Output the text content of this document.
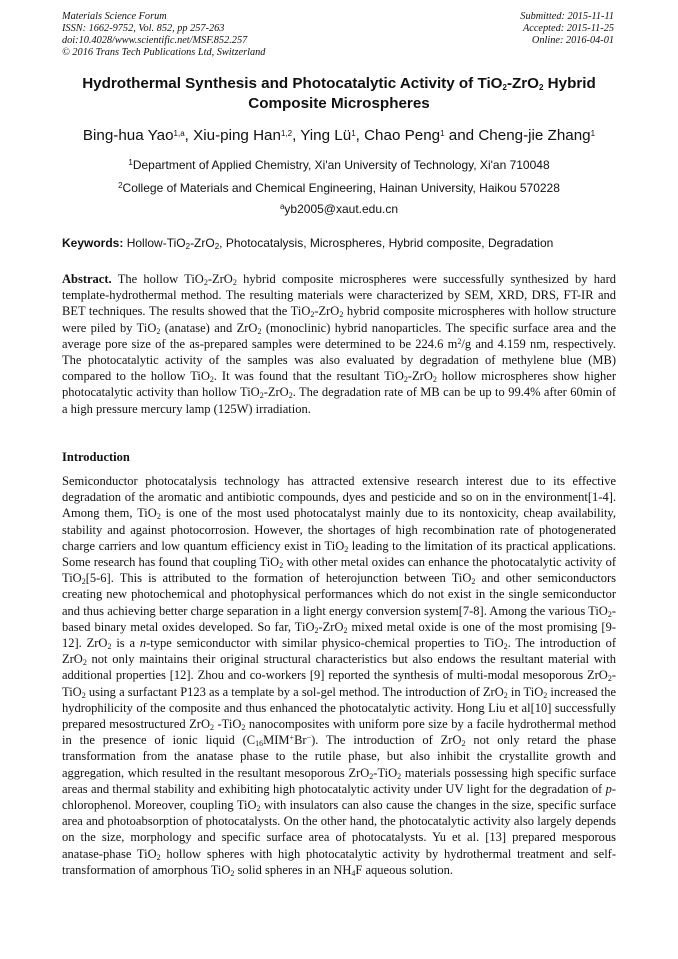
Materials Science Forum
ISSN: 1662-9752, Vol. 852, pp 257-263
doi:10.4028/www.scientific.net/MSF.852.257
© 2016 Trans Tech Publications Ltd, Switzerland
Submitted: 2015-11-11
Accepted: 2015-11-25
Online: 2016-04-01
Hydrothermal Synthesis and Photocatalytic Activity of TiO$_2$-ZrO$_2$ Hybrid Composite Microspheres
Bing-hua Yao$^{1,a}$, Xiu-ping Han$^{1,2}$, Ying $Lü^1$, Chao Peng$^1$ and Cheng-jie Zhang$^1$
$^1$Department of Applied Chemistry, Xi'an University of Technology, Xi'an 710048
$^2$College of Materials and Chemical Engineering, Hainan University, Haikou 570228
$^a$yb2005@xaut.edu.cn
Keywords: Hollow-TiO$_2$-ZrO$_2$, Photocatalysis, Microspheres, Hybrid composite, Degradation

Abstract. The hollow TiO$_2$-ZrO$_2$ hybrid composite microspheres were successfully synthesized by hard template-hydrothermal method. The resulting materials were characterized by SEM, XRD, DRS, FT-IR and BET techniques. The results showed that the TiO$_2$-ZrO$_2$ hybrid composite microspheres with hollow structure were piled by TiO$_2$ (anatase) and ZrO$_2$ (monoclinic) hybrid nanoparticles. The specific surface area and the average pore size of the as-prepared samples were determined to be 224.6 $m^2/g$ and 4.159 nm, respectively. The photocatalytic activity of the samples was also evaluated by degradation of methylene blue (MB) compared to the hollow TiO$_2$. It was found that the resultant TiO$_2$-ZrO$_2$ hollow microspheres show higher photocatalytic activity than hollow TiO$_2$-ZrO$_2$. The degradation rate of MB can be up to 99.4% after 60min of a high pressure mercury lamp (125W) irradiation.

Introduction

Semiconductor photocatalysis technology has attracted extensive research interest due to its effective degradation of the aromatic and antibiotic compounds, dyes and pesticide and so on in the environment[1-4]. Among them, TiO$_2$ is one of the most used photocatalyst mainly due to its nontoxicity, cheap availability, stability and against photocorrosion. However, the shortages of high recombination rate of photogenerated charge carriers and low quantum efficiency exist in TiO$_2$ leading to the limitation of its practical applications. Some research has found that coupling TiO$_2$ with other metal oxides can enhance the photocatalytic activity of TiO$_2$[5-6]. This is attributed to the formation of heterojunction between TiO$_2$ and other semiconductors creating new photochemical and photophysical performances which do not exist in the single semiconductor and thus achieving better charge separation in a light energy conversion system[7-8]. Among the various TiO$_2$-based binary metal oxides developed. So far, TiO$_2$-ZrO$_2$ mixed metal oxide is one of the most promising [9-12]. ZrO$_2$ is a n-type semiconductor with similar physico-chemical properties to TiO$_2$. The introduction of ZrO$_2$ not only maintains their original structural characteristics but also endows the resultant material with additional properties [12]. Zhou and co-workers [9] reported the synthesis of multi-modal mesoporous ZrO$_2$-TiO$_2$ using a surfactant P123 as a template by a sol-gel method. The introduction of ZrO$_2$ in TiO$_2$ increased the hydrophilicity of the composite and thus enhanced the photocatalytic activity. Hong Liu et al[10] successfully prepared mesostructured ZrO$_2$ -TiO$_2$ nanocomposites with uniform pore size by a facile hydrothermal method in the presence of ionic liquid $(C_{16}MIM^+Br^-)$. The introduction of ZrO$_2$ not only retard the phase transformation from the anatase phase to the rutile phase, but also inhibit the crystallite growth and aggregation, which resulted in the resultant mesoporous ZrO$_2$-TiO$_2$ materials possessing high specific surface areas and thermal stability and exhibiting high photocatalytic activity under UV light for the degradation of p-chlorophenol. Moreover, coupling TiO$_2$ with insulators can also cause the changes in the size, specific surface area and photoabsorption of photocatalysts. On the other hand, the photocatalytic activity also largely depends on the size, morphology and specific surface area of photocatalysts. Yu et al. [13] prepared mesporous anatase-phase TiO$_2$ hollow spheres with high photocatalytic activity by hydrothermal treatment and self-transformation of amorphous TiO$_2$ solid spheres in an $NH_4F$ aqueous solution.
